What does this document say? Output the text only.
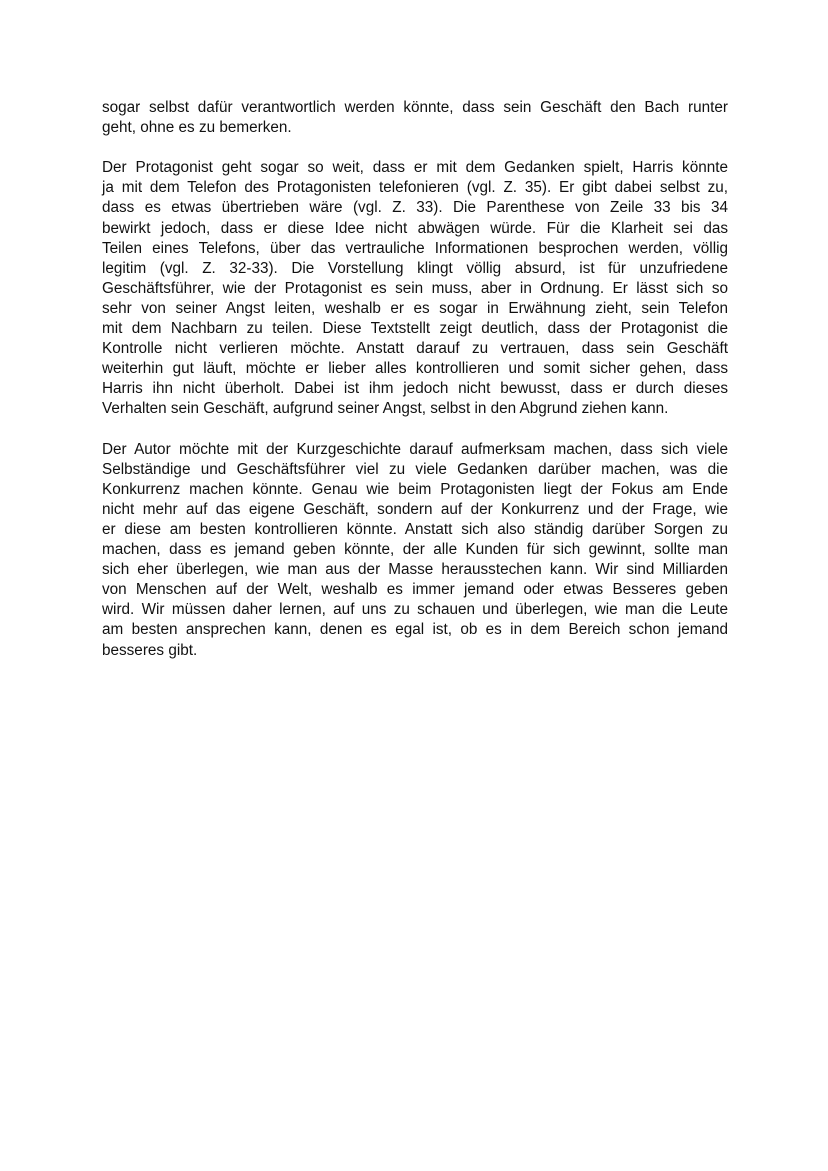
sogar selbst dafür verantwortlich werden könnte, dass sein Geschäft den Bach runter
geht, ohne es zu bemerken.

Der Protagonist geht sogar so weit, dass er mit dem Gedanken spielt, Harris könnte
ja mit dem Telefon des Protagonisten telefonieren (vgl. Z. 35). Er gibt dabei selbst zu,
dass es etwas übertrieben wäre (vgl. Z. 33). Die Parenthese von Zeile 33 bis 34
bewirkt jedoch, dass er diese Idee nicht abwägen würde. Für die Klarheit sei das
Teilen eines Telefons, über das vertrauliche Informationen besprochen werden, völlig
legitim (vgl. Z. 32-33). Die Vorstellung klingt völlig absurd, ist für unzufriedene
Geschäftsführer, wie der Protagonist es sein muss, aber in Ordnung. Er lässt sich so
sehr von seiner Angst leiten, weshalb er es sogar in Erwähnung zieht, sein Telefon
mit dem Nachbarn zu teilen. Diese Textstellt zeigt deutlich, dass der Protagonist die
Kontrolle nicht verlieren möchte. Anstatt darauf zu vertrauen, dass sein Geschäft
weiterhin gut läuft, möchte er lieber alles kontrollieren und somit sicher gehen, dass
Harris ihn nicht überholt. Dabei ist ihm jedoch nicht bewusst, dass er durch dieses
Verhalten sein Geschäft, aufgrund seiner Angst, selbst in den Abgrund ziehen kann.

Der Autor möchte mit der Kurzgeschichte darauf aufmerksam machen, dass sich viele
Selbständige und Geschäftsführer viel zu viele Gedanken darüber machen, was die
Konkurrenz machen könnte. Genau wie beim Protagonisten liegt der Fokus am Ende
nicht mehr auf das eigene Geschäft, sondern auf der Konkurrenz und der Frage, wie
er diese am besten kontrollieren könnte. Anstatt sich also ständig darüber Sorgen zu
machen, dass es jemand geben könnte, der alle Kunden für sich gewinnt, sollte man
sich eher überlegen, wie man aus der Masse herausstechen kann. Wir sind Milliarden
von Menschen auf der Welt, weshalb es immer jemand oder etwas Besseres geben
wird. Wir müssen daher lernen, auf uns zu schauen und überlegen, wie man die Leute
am besten ansprechen kann, denen es egal ist, ob es in dem Bereich schon jemand
besseres gibt.
